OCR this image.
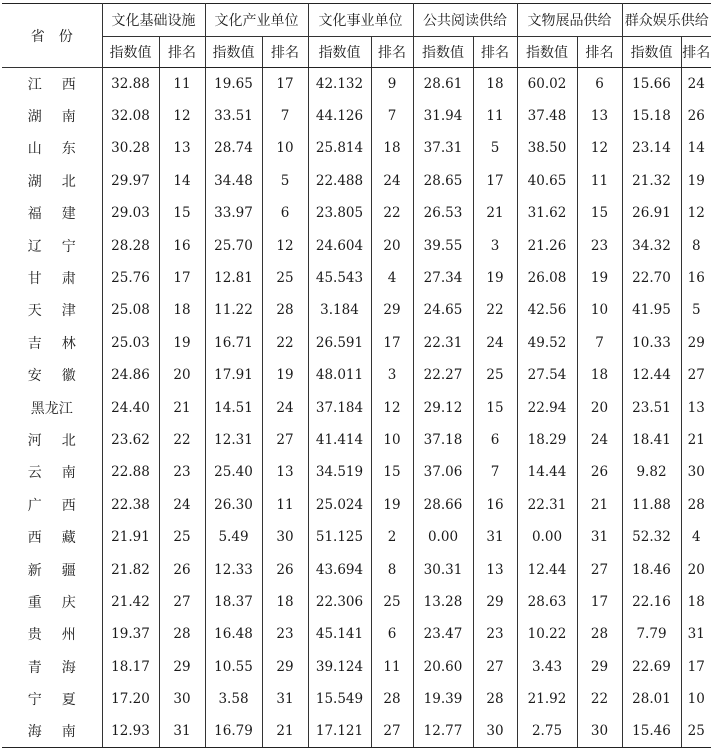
省　份	文化基础设施		文化产业单位		文化事业单位		公共阅读供给		文物展品供给		群众娱乐供给	
	指数值	排名	指数值	排名	指数值	排名	指数值	排名	指数值	排名	指数值	排名
江西	32.88	11	19.65	17	42.132	9	28.61	18	60.02	6	15.66	24
湖南	32.08	12	33.51	7	44.126	7	31.94	11	37.48	13	15.18	26
山东	30.28	13	28.74	10	25.814	18	37.31	5	38.50	12	23.14	14
湖北	29.97	14	34.48	5	22.488	24	28.65	17	40.65	11	21.32	19
福建	29.03	15	33.97	6	23.805	22	26.53	21	31.62	15	26.91	12
辽宁	28.28	16	25.70	12	24.604	20	39.55	3	21.26	23	34.32	8
甘肃	25.76	17	12.81	25	45.543	4	27.34	19	26.08	19	22.70	16
天津	25.08	18	11.22	28	3.184	29	24.65	22	42.56	10	41.95	5
吉林	25.03	19	16.71	22	26.591	17	22.31	24	49.52	7	10.33	29
安徽	24.86	20	17.91	19	48.011	3	22.27	25	27.54	18	12.44	27
黑龙江	24.40	21	14.51	24	37.184	12	29.12	15	22.94	20	23.51	13
河北	23.62	22	12.31	27	41.414	10	37.18	6	18.29	24	18.41	21
云南	22.88	23	25.40	13	34.519	15	37.06	7	14.44	26	9.82	30
广西	22.38	24	26.30	11	25.024	19	28.66	16	22.31	21	11.88	28
西藏	21.91	25	5.49	30	51.125	2	0.00	31	0.00	31	52.32	4
新疆	21.82	26	12.33	26	43.694	8	30.31	13	12.44	27	18.46	20
重庆	21.42	27	18.37	18	22.306	25	13.28	29	28.63	17	22.16	18
贵州	19.37	28	16.48	23	45.141	6	23.47	23	10.22	28	7.79	31
青海	18.17	29	10.55	29	39.124	11	20.60	27	3.43	29	22.69	17
宁夏	17.20	30	3.58	31	15.549	28	19.39	28	21.92	22	28.01	10
海南	12.93	31	16.79	21	17.121	27	12.77	30	2.75	30	15.46	25
